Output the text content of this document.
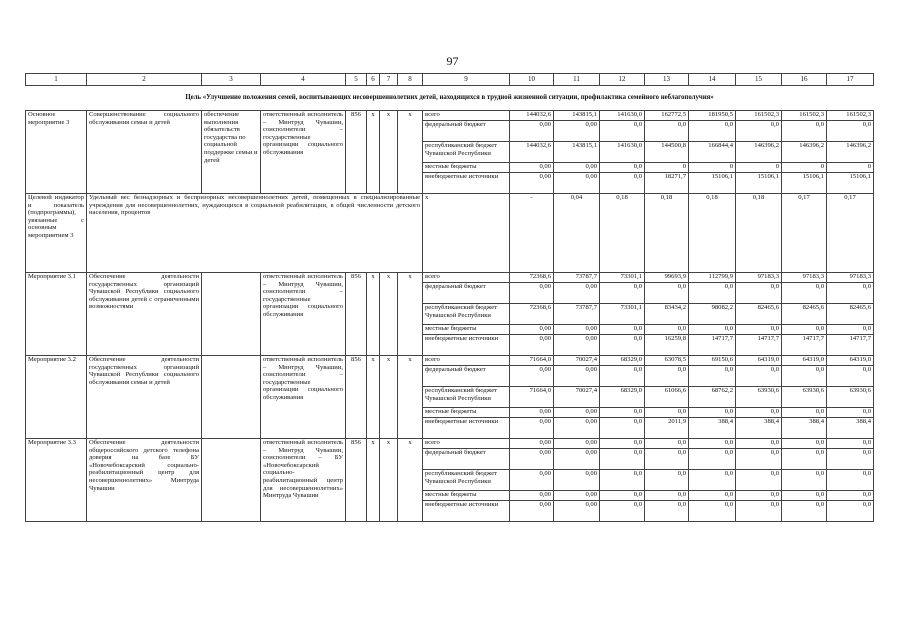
97
1	2	3	4	5	6	7	8	9	10	11	12	13	14	15	16	17

Цель «Улучшение положения семей, воспитывающих несовершеннолетних детей, находящихся в трудной жизненной ситуации, профилактика семейного неблагополучия»																

Основное мероприятие 3	Совершенствование социального обслуживания семьи и детей	обеспечение выполнения обязательств государства по социальной поддержке семьи и детей	ответственный исполнитель – Минтруд Чувашии, соисполнители – государственные организации социального обслуживания	856	x	x	x	всего	144032,6	143815,1	141630,0	162772,5	181950,5	161502,3	161502,3	161502,3
								федеральный бюджет	0,00	0,00	0,0	0,0	0,0	0,0	0,0	0,0
								республиканский бюджет Чувашской Республики	144032,6	143815,1	141630,0	144500,8	166844,4	146396,2	146396,2	146396,2
								местные бюджеты	0,00	0,00	0,0	0	0	0	0	0
								внебюджетные источники	0,00	0,00	0,0	18271,7	15106,1	15106,1	15106,1	15106,1
Целевой индикатор и показатель (подпрограммы), увязанные с основным мероприятием 3	Удельный вес безнадзорных и беспризорных несовершеннолетних детей, помещенных в специализированные учреждения для несовершеннолетних, нуждающихся в социальной реабилитации, в общей численности детского населения, процентов							x	-	0,04	0,18	0,18	0,18	0,18	0,17	0,17
Мероприятие 3.1	Обеспечение деятельности государственных организаций Чувашской Республики социального обслуживания детей с ограниченными возможностями		ответственный исполнитель – Минтруд Чувашии, соисполнители – государственные организации социального обслуживания	856	x	x	x	всего	72368,6	73787,7	73301,1	99693,9	112799,9	97183,3	97183,3	97183,3
								федеральный бюджет	0,00	0,00	0,0	0,0	0,0	0,0	0,0	0,0
								республиканский бюджет Чувашской Республики	72368,6	73787,7	73301,1	83434,2	98082,2	82465,6	82465,6	82465,6
								местные бюджеты	0,00	0,00	0,0	0,0	0,0	0,0	0,0	0,0
								внебюджетные источники	0,00	0,00	0,0	16259,8	14717,7	14717,7	14717,7	14717,7
Мероприятие 3.2	Обеспечение деятельности государственных организаций Чувашской Республики социального обслуживания семьи и детей		ответственный исполнитель – Минтруд Чувашии, соисполнители – государственные организации социального обслуживания	856	x	x	x	всего	71664,0	70027,4	68329,0	63078,5	69150,6	64319,0	64319,0	64319,0
								федеральный бюджет	0,00	0,00	0,0	0,0	0,0	0,0	0,0	0,0
								республиканский бюджет Чувашской Республики	71664,0	70027,4	68329,0	61066,6	68762,2	63930,6	63930,6	63930,6
								местные бюджеты	0,00	0,00	0,0	0,0	0,0	0,0	0,0	0,0
								внебюджетные источники	0,00	0,00	0,0	2011,9	388,4	388,4	388,4	388,4
Мероприятие 3.3	Обеспечение деятельности общероссийского детского телефона доверия на базе БУ «Новочебоксарский социально-реабилитационный центр для несовершеннолетних» Минтруда Чувашии		ответственный исполнитель – Минтруд Чувашии, соисполнители – БУ «Новочебоксарский социально-реабилитационный центр для несовершеннолетних» Минтруда Чувашии	856	x	x	x	всего	0,00	0,00	0,0	0,0	0,0	0,0	0,0	0,0
								федеральный бюджет	0,00	0,00	0,0	0,0	0,0	0,0	0,0	0,0
								республиканский бюджет Чувашской Республики	0,00	0,00	0,0	0,0	0,0	0,0	0,0	0,0
								местные бюджеты	0,00	0,00	0,0	0,0	0,0	0,0	0,0	0,0
								внебюджетные источники	0,00	0,00	0,0	0,0	0,0	0,0	0,0	0,0
